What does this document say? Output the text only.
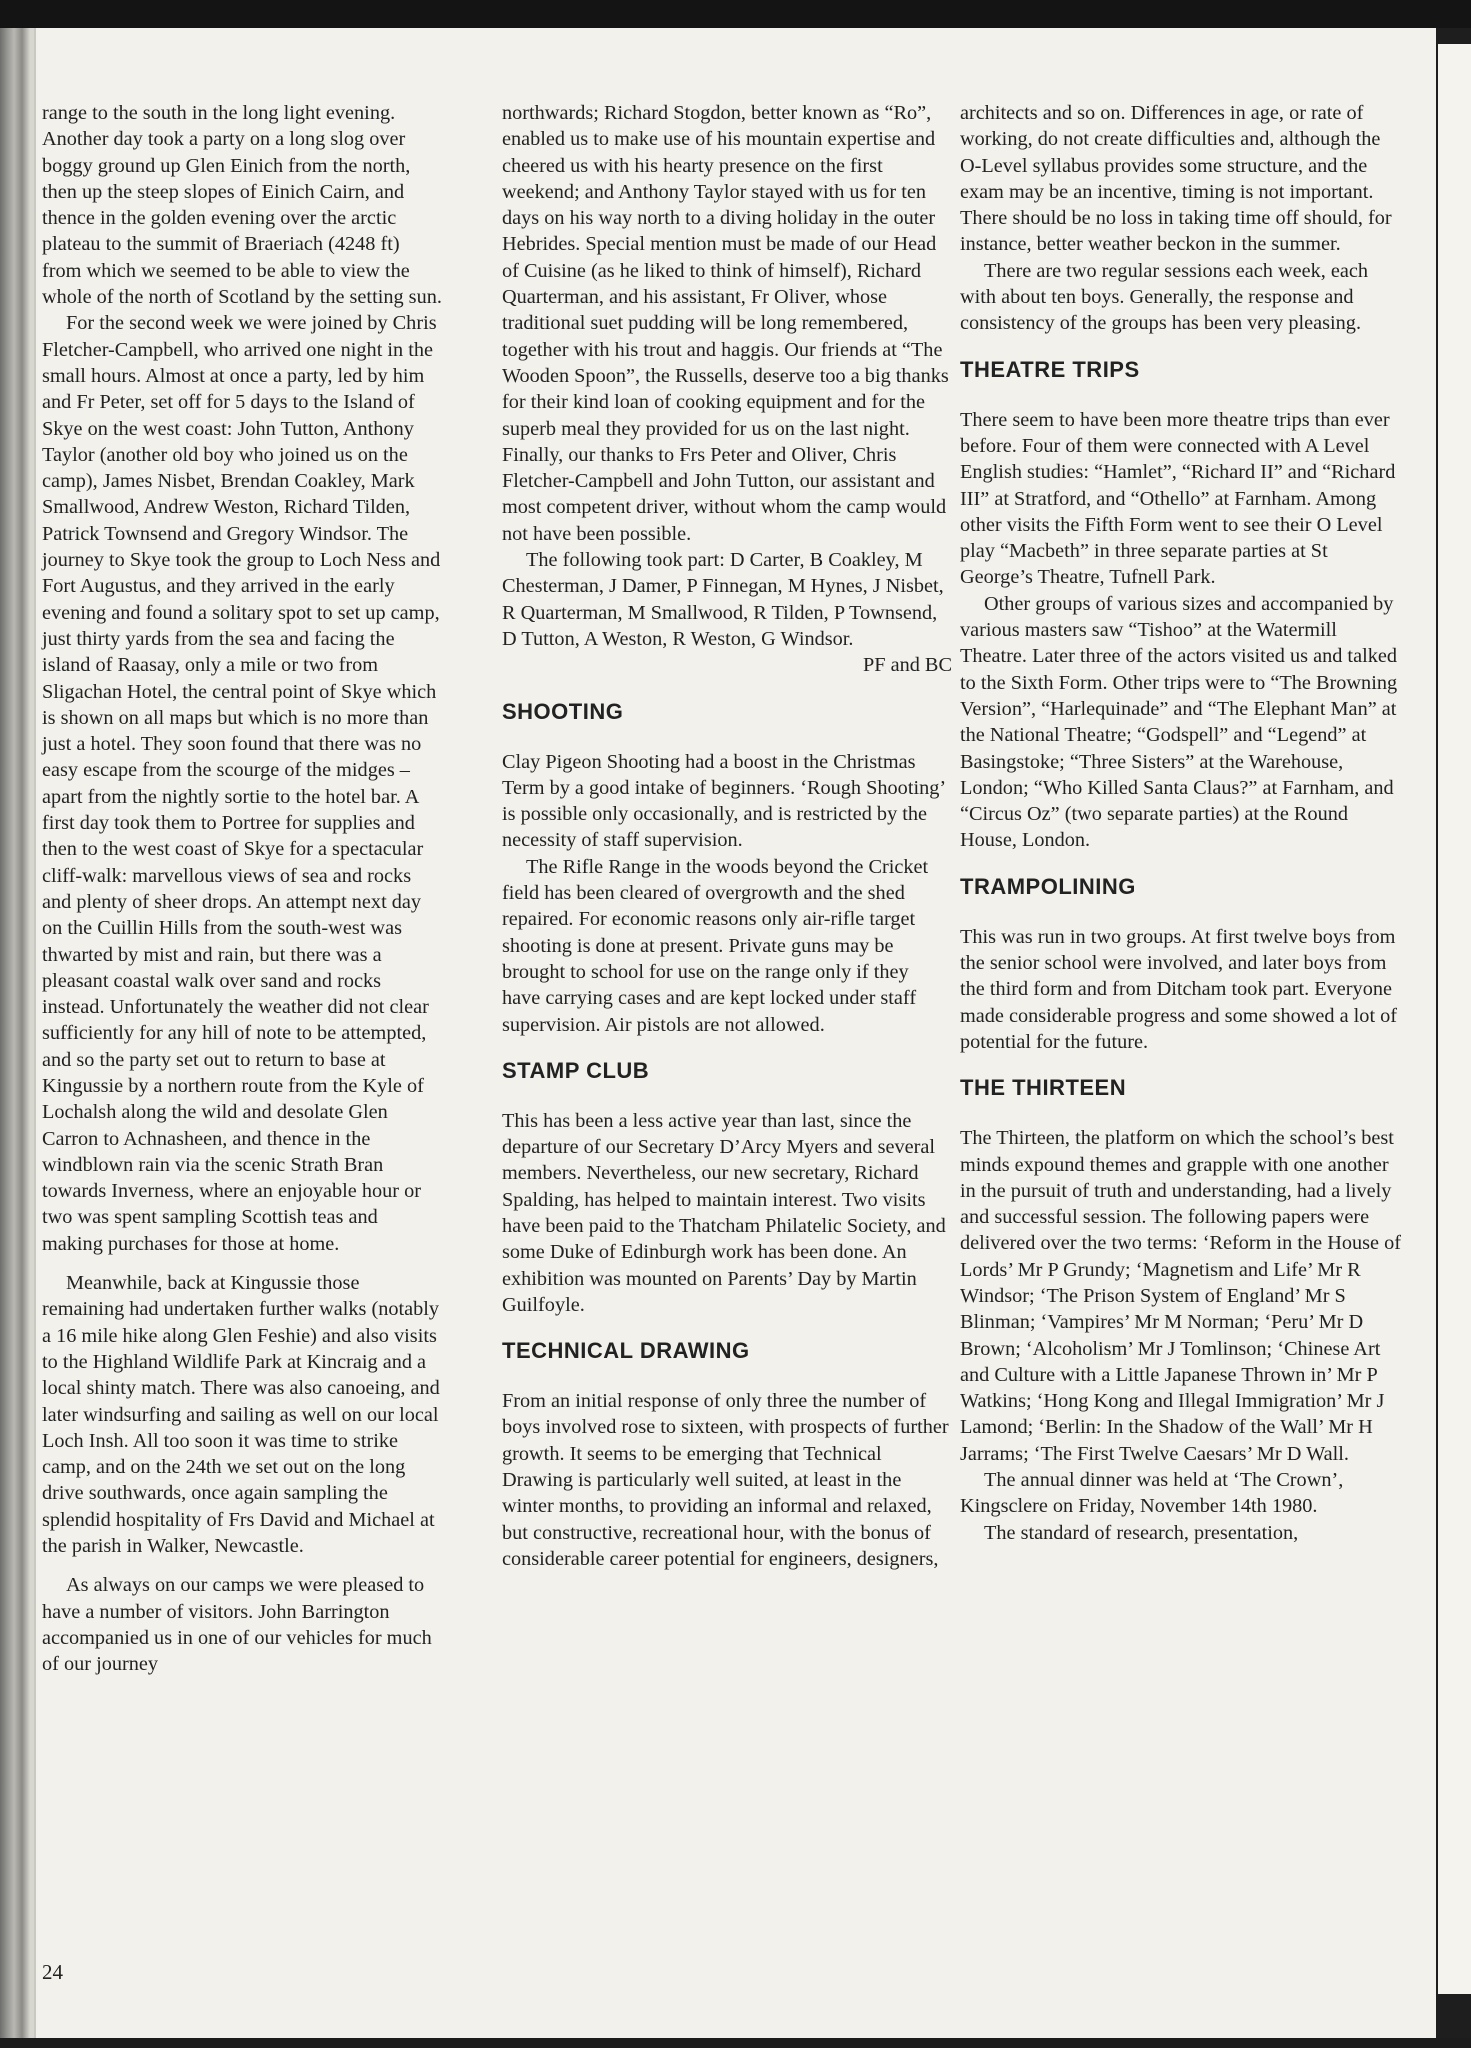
range to the south in the long light evening. Another day took a party on a long slog over boggy ground up Glen Einich from the north, then up the steep slopes of Einich Cairn, and thence in the golden evening over the arctic plateau to the summit of Braeriach (4248 ft) from which we seemed to be able to view the whole of the north of Scotland by the setting sun.

For the second week we were joined by Chris Fletcher-Campbell, who arrived one night in the small hours. Almost at once a party, led by him and Fr Peter, set off for 5 days to the Island of Skye on the west coast: John Tutton, Anthony Taylor (another old boy who joined us on the camp), James Nisbet, Brendan Coakley, Mark Smallwood, Andrew Weston, Richard Tilden, Patrick Townsend and Gregory Windsor. The journey to Skye took the group to Loch Ness and Fort Augustus, and they arrived in the early evening and found a solitary spot to set up camp, just thirty yards from the sea and facing the island of Raasay, only a mile or two from Sligachan Hotel, the central point of Skye which is shown on all maps but which is no more than just a hotel. They soon found that there was no easy escape from the scourge of the midges – apart from the nightly sortie to the hotel bar. A first day took them to Portree for supplies and then to the west coast of Skye for a spectacular cliff-walk: marvellous views of sea and rocks and plenty of sheer drops. An attempt next day on the Cuillin Hills from the south-west was thwarted by mist and rain, but there was a pleasant coastal walk over sand and rocks instead. Unfortunately the weather did not clear sufficiently for any hill of note to be attempted, and so the party set out to return to base at Kingussie by a northern route from the Kyle of Lochalsh along the wild and desolate Glen Carron to Achnasheen, and thence in the windblown rain via the scenic Strath Bran towards Inverness, where an enjoyable hour or two was spent sampling Scottish teas and making purchases for those at home.

Meanwhile, back at Kingussie those remaining had undertaken further walks (notably a 16 mile hike along Glen Feshie) and also visits to the Highland Wildlife Park at Kincraig and a local shinty match. There was also canoeing, and later windsurfing and sailing as well on our local Loch Insh. All too soon it was time to strike camp, and on the 24th we set out on the long drive southwards, once again sampling the splendid hospitality of Frs David and Michael at the parish in Walker, Newcastle.

As always on our camps we were pleased to have a number of visitors. John Barrington accompanied us in one of our vehicles for much of our journey

northwards; Richard Stogdon, better known as “Ro”, enabled us to make use of his mountain expertise and cheered us with his hearty presence on the first weekend; and Anthony Taylor stayed with us for ten days on his way north to a diving holiday in the outer Hebrides. Special mention must be made of our Head of Cuisine (as he liked to think of himself), Richard Quarterman, and his assistant, Fr Oliver, whose traditional suet pudding will be long remembered, together with his trout and haggis. Our friends at “The Wooden Spoon”, the Russells, deserve too a big thanks for their kind loan of cooking equipment and for the superb meal they provided for us on the last night. Finally, our thanks to Frs Peter and Oliver, Chris Fletcher-Campbell and John Tutton, our assistant and most competent driver, without whom the camp would not have been possible.

The following took part: D Carter, B Coakley, M Chesterman, J Damer, P Finnegan, M Hynes, J Nisbet, R Quarterman, M Smallwood, R Tilden, P Townsend, D Tutton, A Weston, R Weston, G Windsor.

PF and BC

SHOOTING

Clay Pigeon Shooting had a boost in the Christmas Term by a good intake of beginners. ‘Rough Shooting’ is possible only occasionally, and is restricted by the necessity of staff supervision.

The Rifle Range in the woods beyond the Cricket field has been cleared of overgrowth and the shed repaired. For economic reasons only air-rifle target shooting is done at present. Private guns may be brought to school for use on the range only if they have carrying cases and are kept locked under staff supervision. Air pistols are not allowed.

STAMP CLUB

This has been a less active year than last, since the departure of our Secretary D’Arcy Myers and several members. Nevertheless, our new secretary, Richard Spalding, has helped to maintain interest. Two visits have been paid to the Thatcham Philatelic Society, and some Duke of Edinburgh work has been done. An exhibition was mounted on Parents’ Day by Martin Guilfoyle.

TECHNICAL DRAWING

From an initial response of only three the number of boys involved rose to sixteen, with prospects of further growth. It seems to be emerging that Technical Drawing is particularly well suited, at least in the winter months, to providing an informal and relaxed, but constructive, recreational hour, with the bonus of considerable career potential for engineers, designers,

architects and so on. Differences in age, or rate of working, do not create difficulties and, although the O-Level syllabus provides some structure, and the exam may be an incentive, timing is not important. There should be no loss in taking time off should, for instance, better weather beckon in the summer.

There are two regular sessions each week, each with about ten boys. Generally, the response and consistency of the groups has been very pleasing.

THEATRE TRIPS

There seem to have been more theatre trips than ever before. Four of them were connected with A Level English studies: “Hamlet”, “Richard II” and “Richard III” at Stratford, and “Othello” at Farnham. Among other visits the Fifth Form went to see their O Level play “Macbeth” in three separate parties at St George’s Theatre, Tufnell Park.

Other groups of various sizes and accompanied by various masters saw “Tishoo” at the Watermill Theatre. Later three of the actors visited us and talked to the Sixth Form. Other trips were to “The Browning Version”, “Harlequinade” and “The Elephant Man” at the National Theatre; “Godspell” and “Legend” at Basingstoke; “Three Sisters” at the Warehouse, London; “Who Killed Santa Claus?” at Farnham, and “Circus Oz” (two separate parties) at the Round House, London.

TRAMPOLINING

This was run in two groups. At first twelve boys from the senior school were involved, and later boys from the third form and from Ditcham took part. Everyone made considerable progress and some showed a lot of potential for the future.

THE THIRTEEN

The Thirteen, the platform on which the school’s best minds expound themes and grapple with one another in the pursuit of truth and understanding, had a lively and successful session. The following papers were delivered over the two terms: ‘Reform in the House of Lords’ Mr P Grundy; ‘Magnetism and Life’ Mr R Windsor; ‘The Prison System of England’ Mr S Blinman; ‘Vampires’ Mr M Norman; ‘Peru’ Mr D Brown; ‘Alcoholism’ Mr J Tomlinson; ‘Chinese Art and Culture with a Little Japanese Thrown in’ Mr P Watkins; ‘Hong Kong and Illegal Immigration’ Mr J Lamond; ‘Berlin: In the Shadow of the Wall’ Mr H Jarrams; ‘The First Twelve Caesars’ Mr D Wall.

The annual dinner was held at ‘The Crown’, Kingsclere on Friday, November 14th 1980.

The standard of research, presentation,

24
